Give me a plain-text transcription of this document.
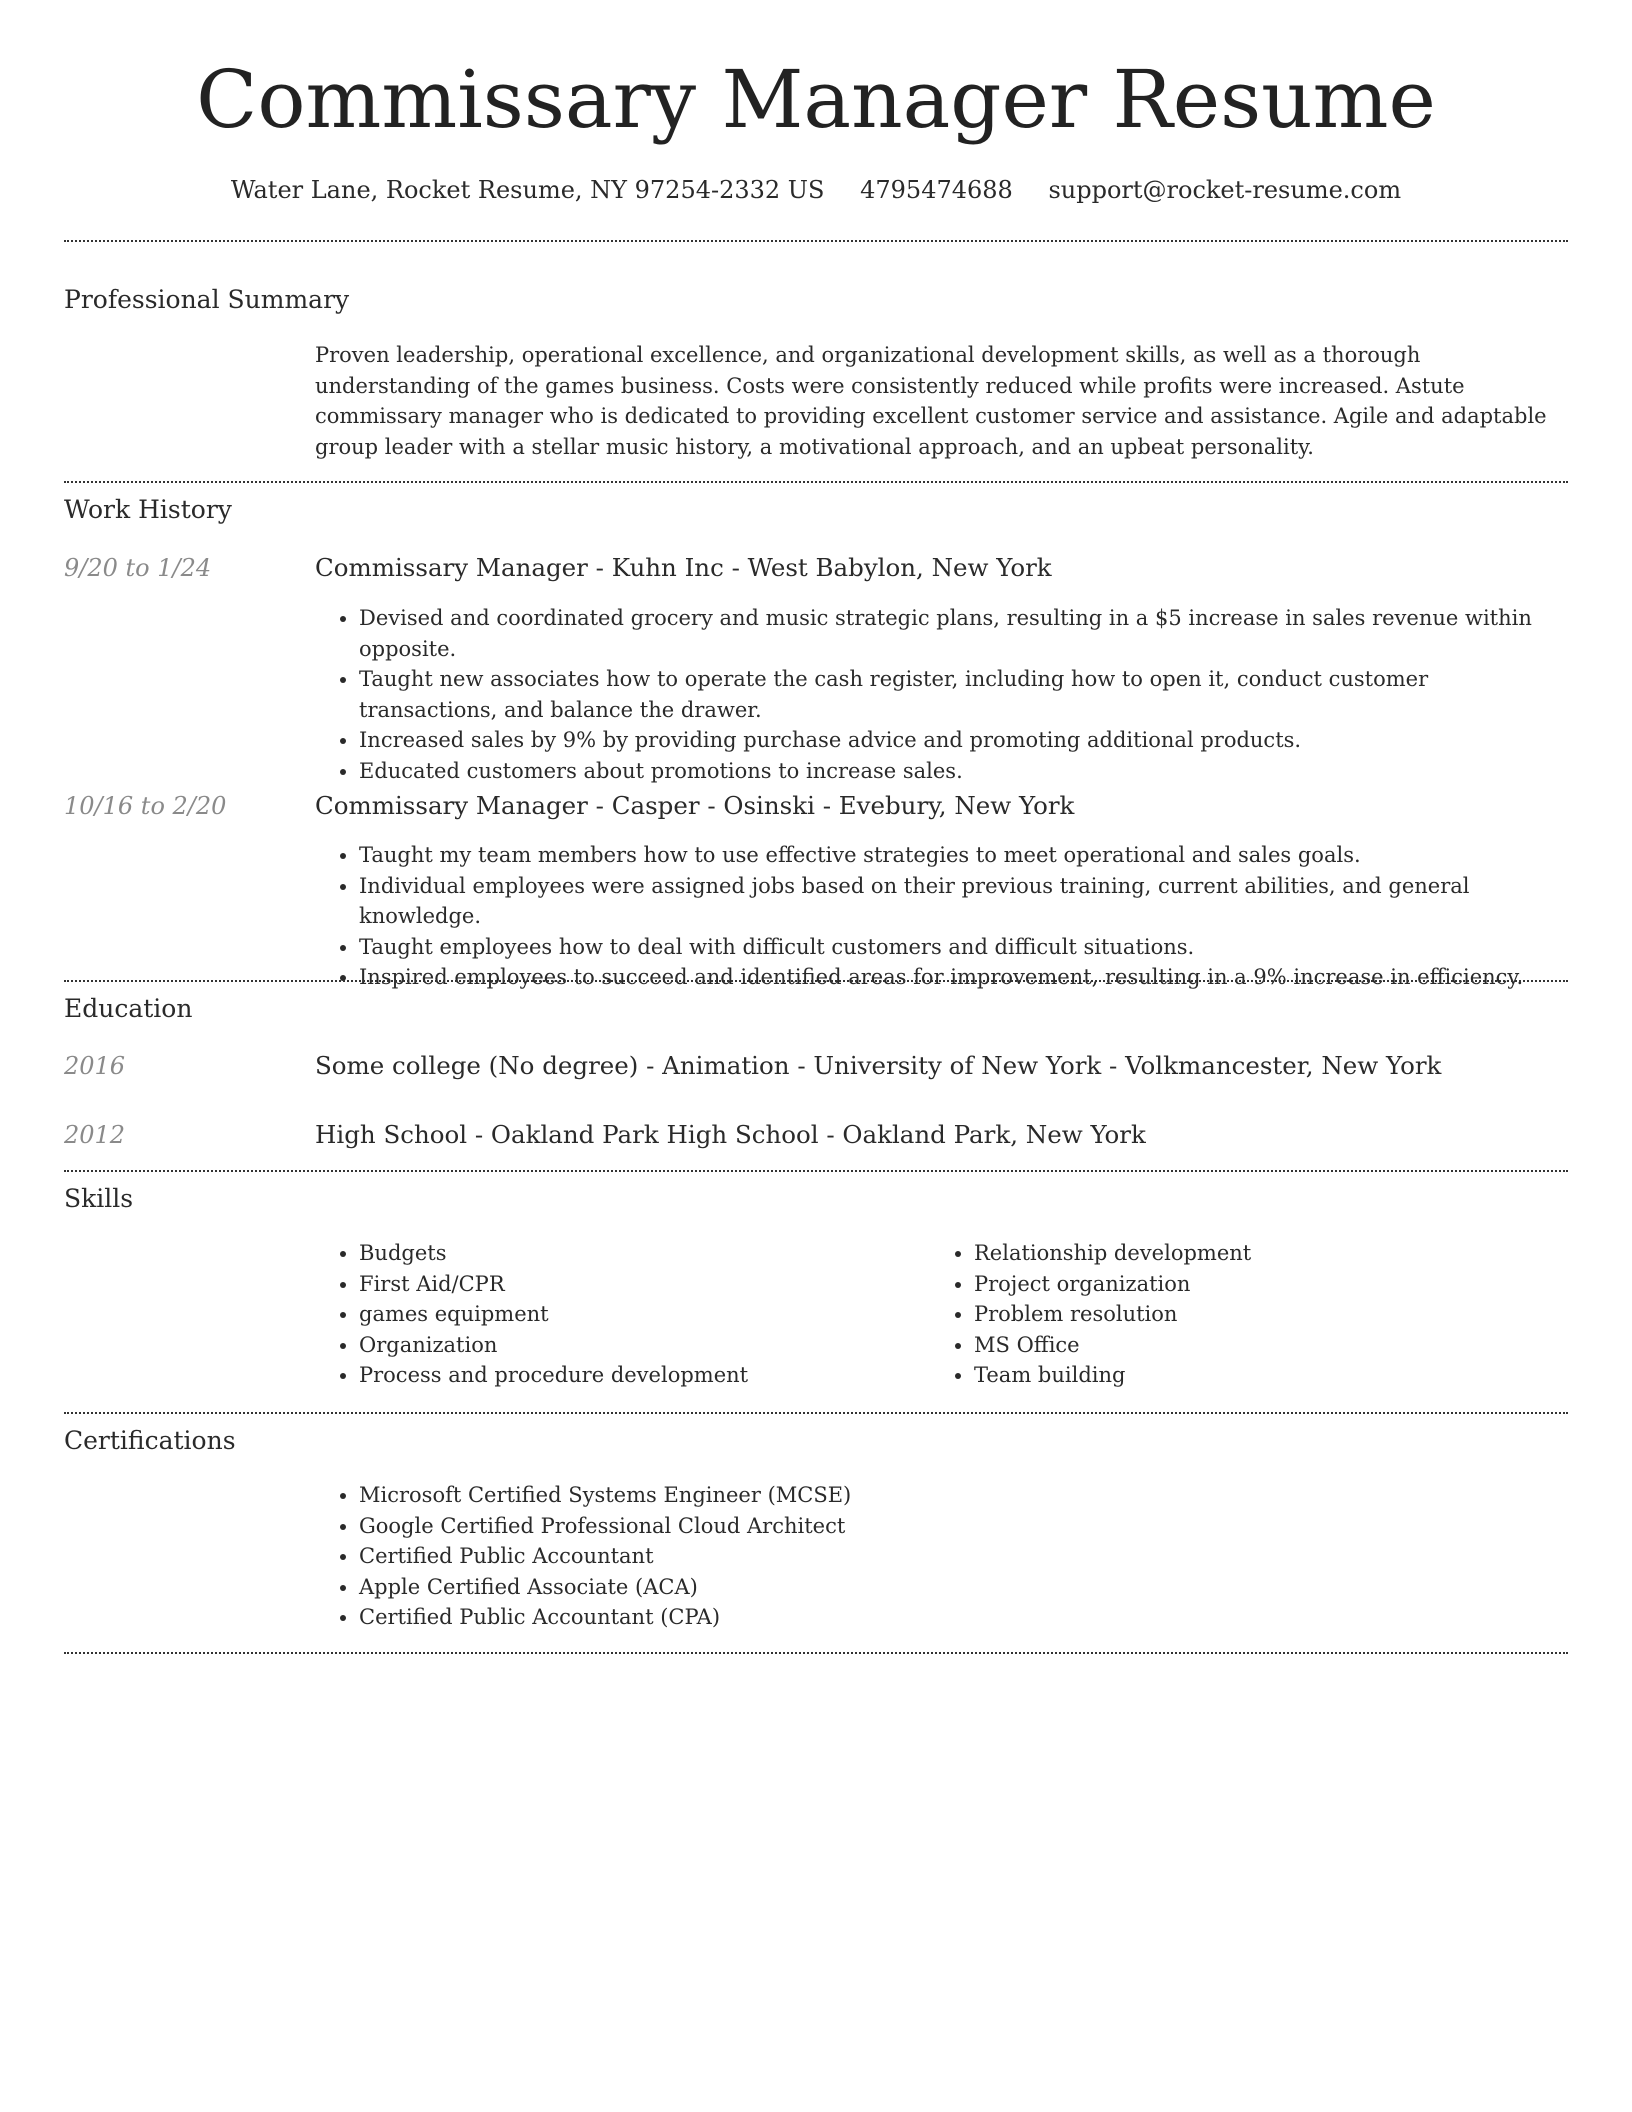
Commissary Manager Resume
Water Lane, Rocket Resume, NY 97254-2332 US 4795474688 support@rocket-resume.com
Professional Summary
Proven leadership, operational excellence, and organizational development skills, as well as a thorough understanding of the games business. Costs were consistently reduced while profits were increased. Astute commissary manager who is dedicated to providing excellent customer service and assistance. Agile and adaptable group leader with a stellar music history, a motivational approach, and an upbeat personality.
Work History
9/20 to 1/24	Commissary Manager - Kuhn Inc - West Babylon, New York
• Devised and coordinated grocery and music strategic plans, resulting in a $5 increase in sales revenue within opposite.
• Taught new associates how to operate the cash register, including how to open it, conduct customer transactions, and balance the drawer.
• Increased sales by 9% by providing purchase advice and promoting additional products.
• Educated customers about promotions to increase sales.
10/16 to 2/20	Commissary Manager - Casper - Osinski - Evebury, New York
• Taught my team members how to use effective strategies to meet operational and sales goals.
• Individual employees were assigned jobs based on their previous training, current abilities, and general knowledge.
• Taught employees how to deal with difficult customers and difficult situations.
• Inspired employees to succeed and identified areas for improvement, resulting in a 9% increase in efficiency.
Education
2016	Some college (No degree) - Animation - University of New York - Volkmancester, New York
2012	High School - Oakland Park High School - Oakland Park, New York
Skills
• Budgets
• First Aid/CPR
• games equipment
• Organization
• Process and procedure development
• Relationship development
• Project organization
• Problem resolution
• MS Office
• Team building
Certifications
• Microsoft Certified Systems Engineer (MCSE)
• Google Certified Professional Cloud Architect
• Certified Public Accountant
• Apple Certified Associate (ACA)
• Certified Public Accountant (CPA)
